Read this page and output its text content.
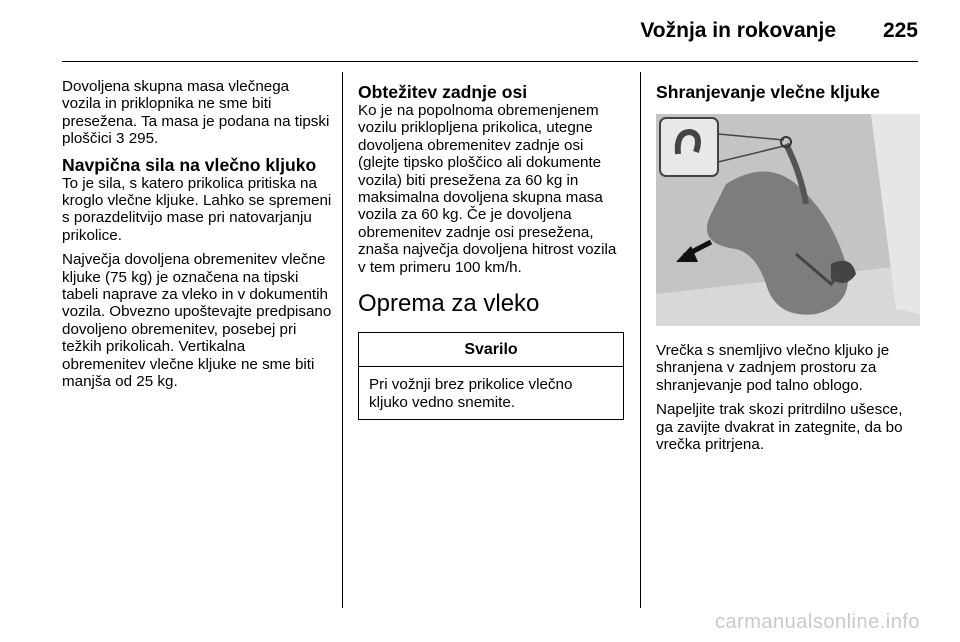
Vožnja in rokovanje 225

Dovoljena skupna masa vlečnega vozila in priklopnika ne sme biti presežena. Ta masa je podana na tipski ploščici 3 295.

Navpična sila na vlečno kljuko

To je sila, s katero prikolica pritiska na kroglo vlečne kljuke. Lahko se spremeni s porazdelitvijo mase pri natovarjanju prikolice.

Največja dovoljena obremenitev vlečne kljuke (75 kg) je označena na tipski tabeli naprave za vleko in v dokumentih vozila. Obvezno upoštevajte predpisano dovoljeno obremenitev, posebej pri težkih prikolicah. Vertikalna obremenitev vlečne kljuke ne sme biti manjša od 25 kg.

Obtežitev zadnje osi

Ko je na popolnoma obremenjenem vozilu priklopljena prikolica, utegne dovoljena obremenitev zadnje osi (glejte tipsko ploščico ali dokumente vozila) biti presežena za 60 kg in maksimalna dovoljena skupna masa vozila za 60 kg. Če je dovoljena obremenitev zadnje osi presežena, znaša največja dovoljena hitrost vozila v tem primeru 100 km/h.

Oprema za vleko
Svarilo
Pri vožnji brez prikolice vlečno kljuko vedno snemite.
Shranjevanje vlečne kljuke

Vrečka s snemljivo vlečno kljuko je shranjena v zadnjem prostoru za shranjevanje pod talno oblogo.

Napeljite trak skozi pritrdilno ušesce, ga zavijte dvakrat in zategnite, da bo vrečka pritrjena.

carmanualsonline.info
